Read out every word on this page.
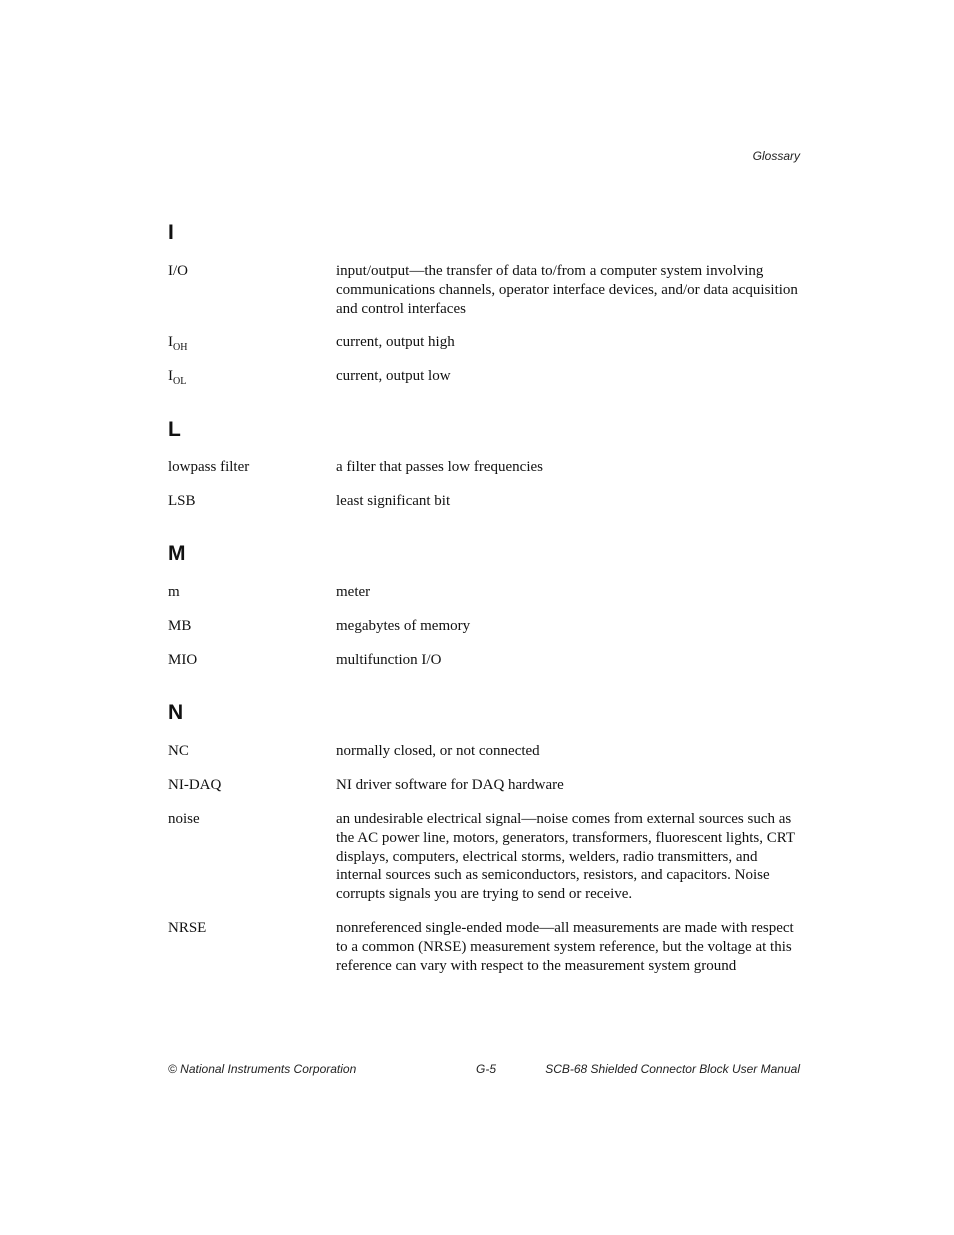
Glossary
I
I/O	input/output—the transfer of data to/from a computer system involving communications channels, operator interface devices, and/or data acquisition and control interfaces
$I_{OH}$	current, output high
$I_{OL}$	current, output low
L
lowpass filter	a filter that passes low frequencies
LSB	least significant bit
M
m	meter
MB	megabytes of memory
MIO	multifunction I/O
N
NC	normally closed, or not connected
NI-DAQ	NI driver software for DAQ hardware
noise	an undesirable electrical signal—noise comes from external sources such as the AC power line, motors, generators, transformers, fluorescent lights, CRT displays, computers, electrical storms, welders, radio transmitters, and internal sources such as semiconductors, resistors, and capacitors. Noise corrupts signals you are trying to send or receive.
NRSE	nonreferenced single-ended mode—all measurements are made with respect to a common (NRSE) measurement system reference, but the voltage at this reference can vary with respect to the measurement system ground
© National Instruments Corporation	G-5	SCB-68 Shielded Connector Block User Manual
